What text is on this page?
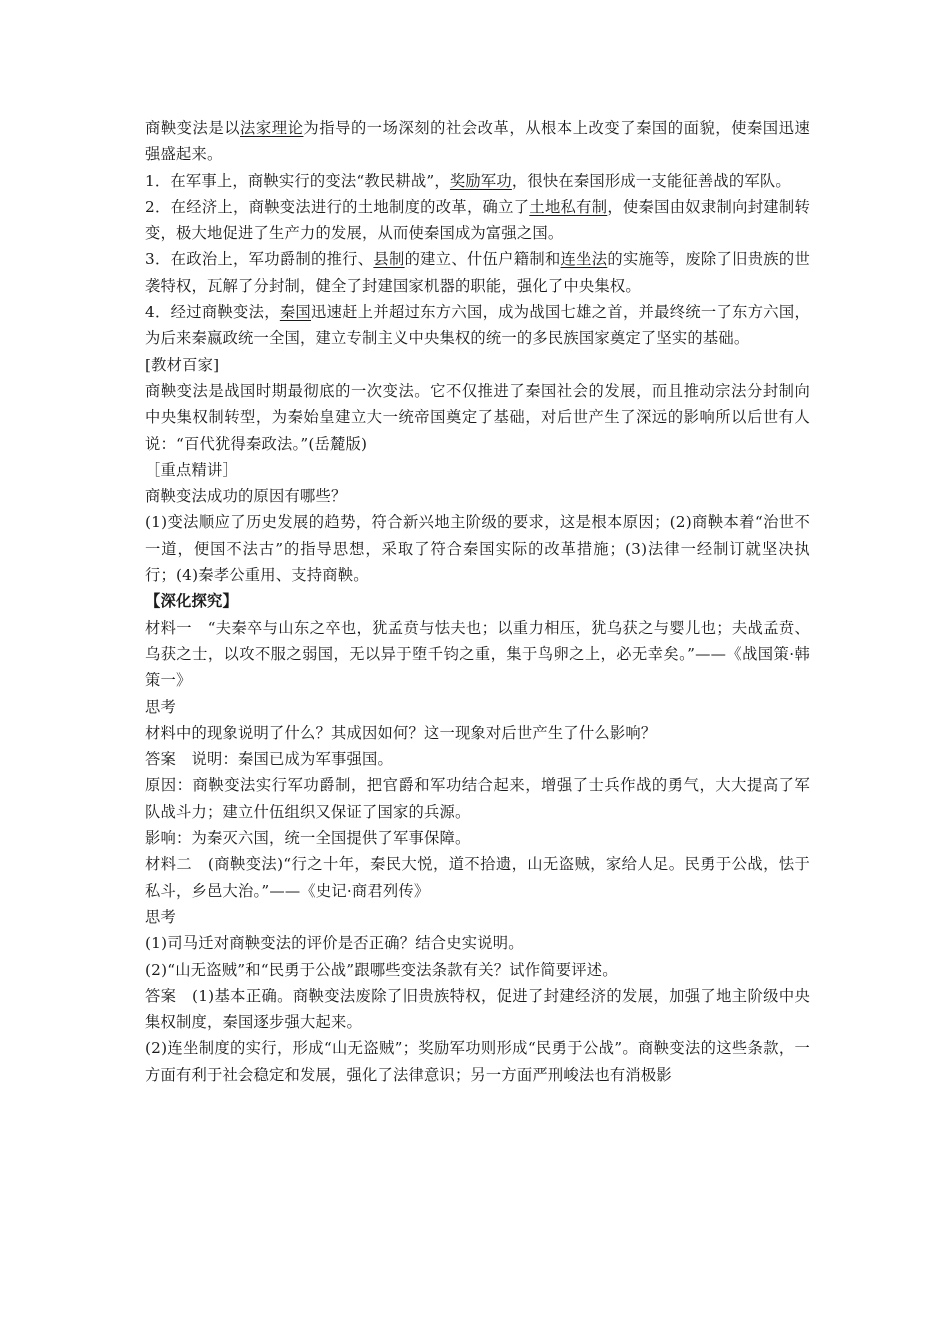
商鞅变法是以法家理论为指导的一场深刻的社会改革，从根本上改变了秦国的面貌，使秦国迅速强盛起来。

1．在军事上，商鞅实行的变法“教民耕战”，奖励军功，很快在秦国形成一支能征善战的军队。

2．在经济上，商鞅变法进行的土地制度的改革，确立了土地私有制，使秦国由奴隶制向封建制转变，极大地促进了生产力的发展，从而使秦国成为富强之国。

3．在政治上，军功爵制的推行、县制的建立、什伍户籍制和连坐法的实施等，废除了旧贵族的世袭特权，瓦解了分封制，健全了封建国家机器的职能，强化了中央集权。

4．经过商鞅变法，秦国迅速赶上并超过东方六国，成为战国七雄之首，并最终统一了东方六国，为后来秦嬴政统一全国，建立专制主义中央集权的统一的多民族国家奠定了坚实的基础。

[教材百家]

商鞅变法是战国时期最彻底的一次变法。它不仅推进了秦国社会的发展，而且推动宗法分封制向中央集权制转型，为秦始皇建立大一统帝国奠定了基础，对后世产生了深远的影响所以后世有人说：“百代犹得秦政法。”(岳麓版)

［重点精讲］

商鞅变法成功的原因有哪些？

(1)变法顺应了历史发展的趋势，符合新兴地主阶级的要求，这是根本原因；(2)商鞅本着“治世不一道，便国不法古”的指导思想，采取了符合秦国实际的改革措施；(3)法律一经制订就坚决执行；(4)秦孝公重用、支持商鞅。

【深化探究】

材料一　“夫秦卒与山东之卒也，犹孟贲与怯夫也；以重力相压，犹乌获之与婴儿也；夫战孟贲、乌获之士，以攻不服之弱国，无以异于堕千钧之重，集于鸟卵之上，必无幸矣。”——《战国策·韩策一》

思考

材料中的现象说明了什么？其成因如何？这一现象对后世产生了什么影响？

答案　说明：秦国已成为军事强国。

原因：商鞅变法实行军功爵制，把官爵和军功结合起来，增强了士兵作战的勇气，大大提高了军队战斗力；建立什伍组织又保证了国家的兵源。

影响：为秦灭六国，统一全国提供了军事保障。

材料二　(商鞅变法)“行之十年，秦民大悦，道不拾遗，山无盗贼，家给人足。民勇于公战，怯于私斗，乡邑大治。”——《史记·商君列传》

思考

(1)司马迁对商鞅变法的评价是否正确？结合史实说明。

(2)“山无盗贼”和“民勇于公战”跟哪些变法条款有关？试作简要评述。

答案　(1)基本正确。商鞅变法废除了旧贵族特权，促进了封建经济的发展，加强了地主阶级中央集权制度，秦国逐步强大起来。

(2)连坐制度的实行，形成“山无盗贼”；奖励军功则形成“民勇于公战”。商鞅变法的这些条款，一方面有利于社会稳定和发展，强化了法律意识；另一方面严刑峻法也有消极影
